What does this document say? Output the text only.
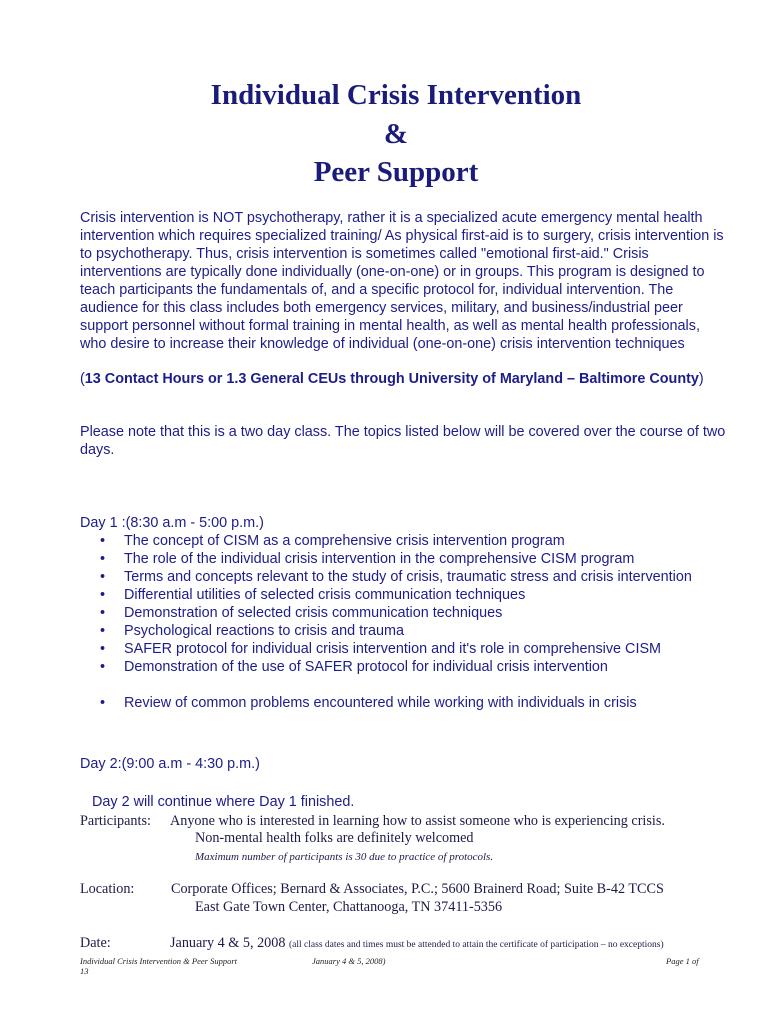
Individual Crisis Intervention
&
Peer Support

Crisis intervention is NOT psychotherapy, rather it is a specialized acute emergency mental health intervention which requires specialized training/ As physical first-aid is to surgery, crisis intervention is to psychotherapy. Thus, crisis intervention is sometimes called "emotional first-aid." Crisis interventions are typically done individually (one-on-one) or in groups. This program is designed to teach participants the fundamentals of, and a specific protocol for, individual intervention. The audience for this class includes both emergency services, military, and business/industrial peer support personnel without formal training in mental health, as well as mental health professionals, who desire to increase their knowledge of individual (one-on-one) crisis intervention techniques

(13 Contact Hours or 1.3 General CEUs through University of Maryland – Baltimore County)

Please note that this is a two day class. The topics listed below will be covered over the course of two days.

Day 1 :(8:30 a.m - 5:00 p.m.)

• The concept of CISM as a comprehensive crisis intervention program
• The role of the individual crisis intervention in the comprehensive CISM program
• Terms and concepts relevant to the study of crisis, traumatic stress and crisis intervention
• Differential utilities of selected crisis communication techniques
• Demonstration of selected crisis communication techniques
• Psychological reactions to crisis and trauma
• SAFER protocol for individual crisis intervention and it's role in comprehensive CISM
• Demonstration of the use of SAFER protocol for individual crisis intervention
• Review of common problems encountered while working with individuals in crisis

Day 2:(9:00 a.m - 4:30 p.m.)

Day 2 will continue where Day 1 finished.

Participants: Anyone who is interested in learning how to assist someone who is experiencing crisis.

Non-mental health folks are definitely welcomed

Maximum number of participants is 30 due to practice of protocols.

Location:	Corporate Offices; Bernard & Associates, P.C.; 5600 Brainerd Road; Suite B-42 TCCS

East Gate Town Center, Chattanooga, TN 37411-5356

Date:	January 4 & 5, 2008 (all class dates and times must be attended to attain the certificate of participation – no exceptions)

Individual Crisis Intervention & Peer Support	January 4 & 5, 2008)	Page 1 of
13
